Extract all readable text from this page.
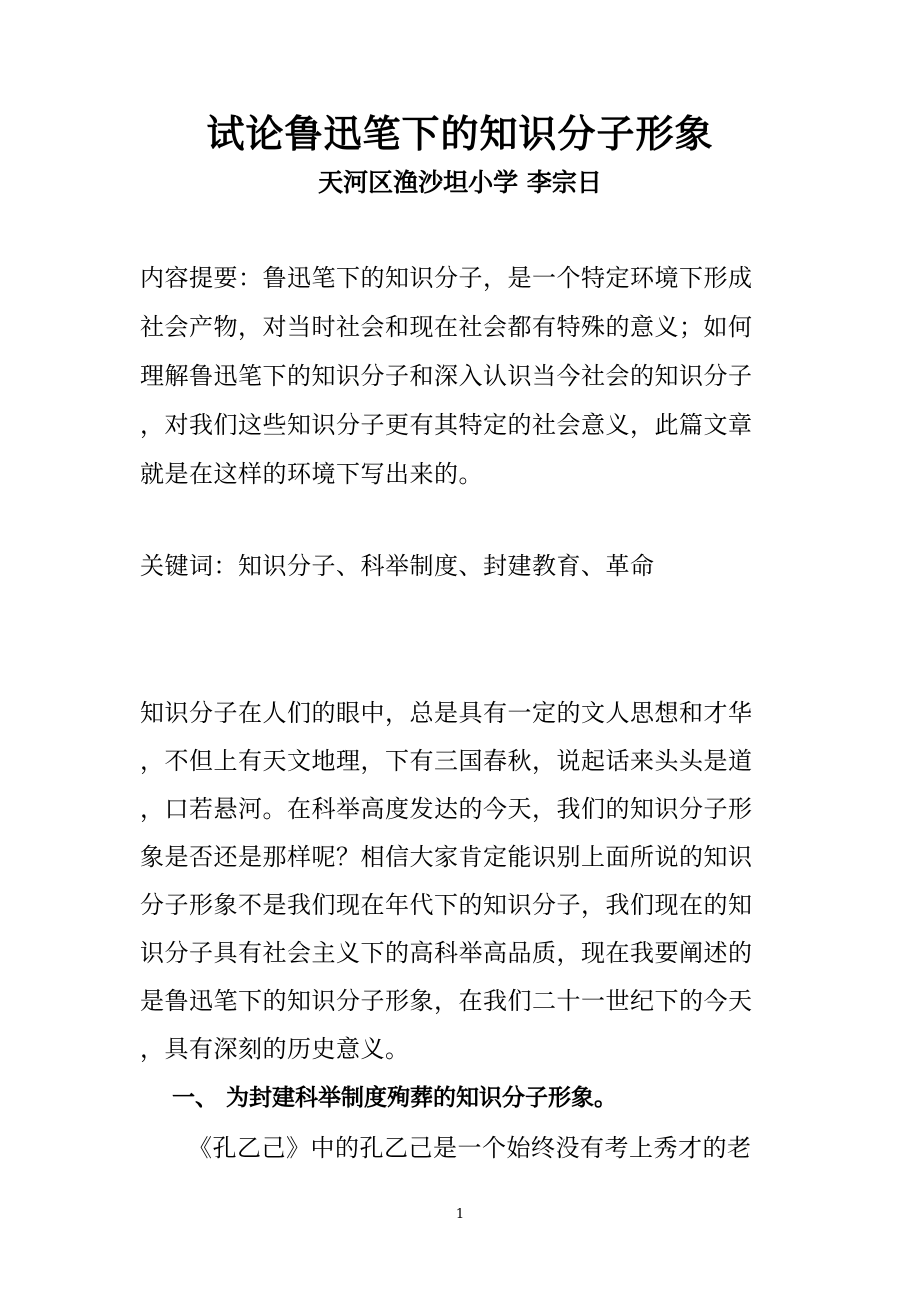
试论鲁迅笔下的知识分子形象
天河区渔沙坦小学 李宗日
内容提要：鲁迅笔下的知识分子，是一个特定环境下形成
社会产物，对当时社会和现在社会都有特殊的意义；如何
理解鲁迅笔下的知识分子和深入认识当今社会的知识分子
，对我们这些知识分子更有其特定的社会意义，此篇文章
就是在这样的环境下写出来的。
关键词：知识分子、科举制度、封建教育、革命
知识分子在人们的眼中，总是具有一定的文人思想和才华
，不但上有天文地理，下有三国春秋，说起话来头头是道
，口若悬河。在科举高度发达的今天，我们的知识分子形
象是否还是那样呢？相信大家肯定能识别上面所说的知识
分子形象不是我们现在年代下的知识分子，我们现在的知
识分子具有社会主义下的高科举高品质，现在我要阐述的
是鲁迅笔下的知识分子形象，在我们二十一世纪下的今天
，具有深刻的历史意义。
一、 为封建科举制度殉葬的知识分子形象。
《孔乙己》中的孔乙己是一个始终没有考上秀才的老
1
